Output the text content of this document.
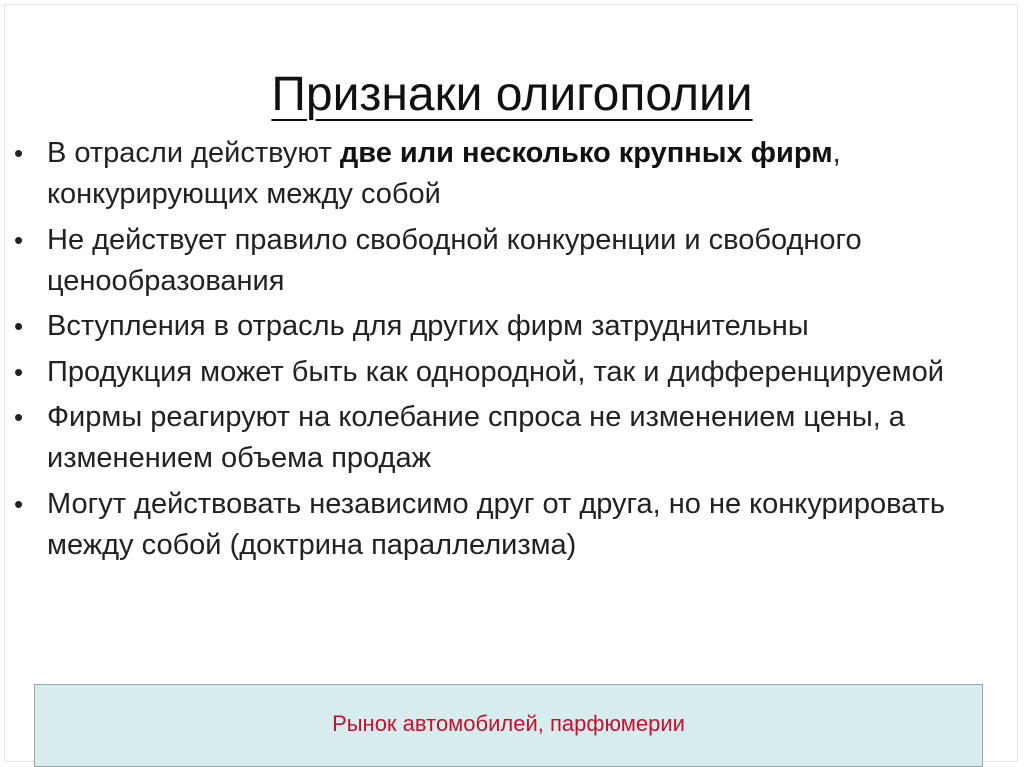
Признаки олигополии
• В отрасли действуют две или несколько крупных фирм, конкурирующих между собой
• Не действует правило свободной конкуренции и свободного ценообразования
• Вступления в отрасль для других фирм затруднительны
• Продукция может быть как однородной, так и дифференцируемой
• Фирмы реагируют на колебание спроса не изменением цены, а изменением объема продаж
• Могут действовать независимо друг от друга, но не конкурировать между собой (доктрина параллелизма)
Рынок автомобилей, парфюмерии
